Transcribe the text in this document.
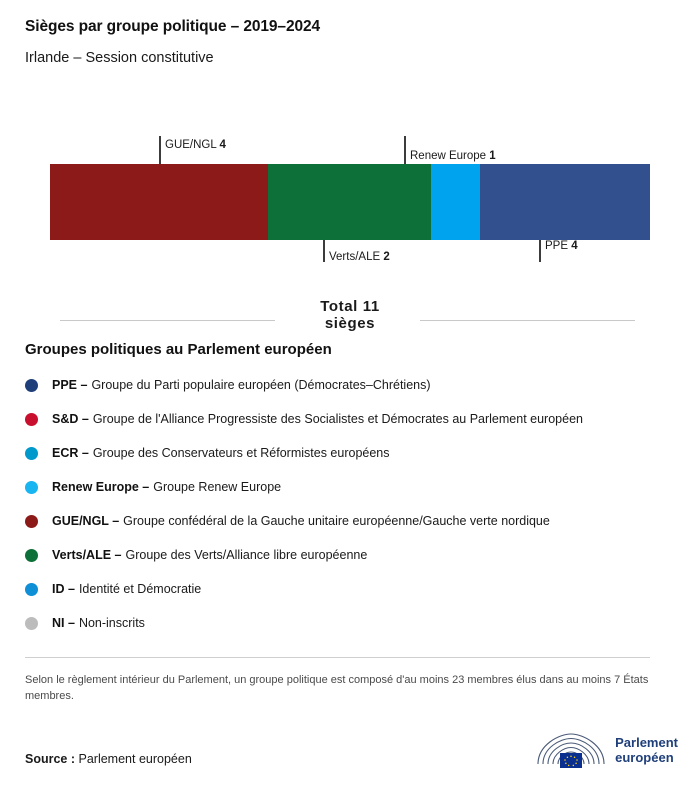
Sièges par groupe politique – 2019–2024
Irlande – Session constitutive
GUE/NGL 4
Renew Europe 1
Verts/ALE 2
PPE 4
Total 11
sièges
Groupes politiques au Parlement européen
PPE – Groupe du Parti populaire européen (Démocrates–Chrétiens)
S&D – Groupe de l'Alliance Progressiste des Socialistes et Démocrates au Parlement européen
ECR – Groupe des Conservateurs et Réformistes européens
Renew Europe – Groupe Renew Europe
GUE/NGL – Groupe confédéral de la Gauche unitaire européenne/Gauche verte nordique
Verts/ALE – Groupe des Verts/Alliance libre européenne
ID – Identité et Démocratie
NI – Non-inscrits
Selon le règlement intérieur du Parlement, un groupe politique est composé d'au moins 23 membres élus dans au moins 7 États membres.
Source : Parlement européen
Parlement
européen
